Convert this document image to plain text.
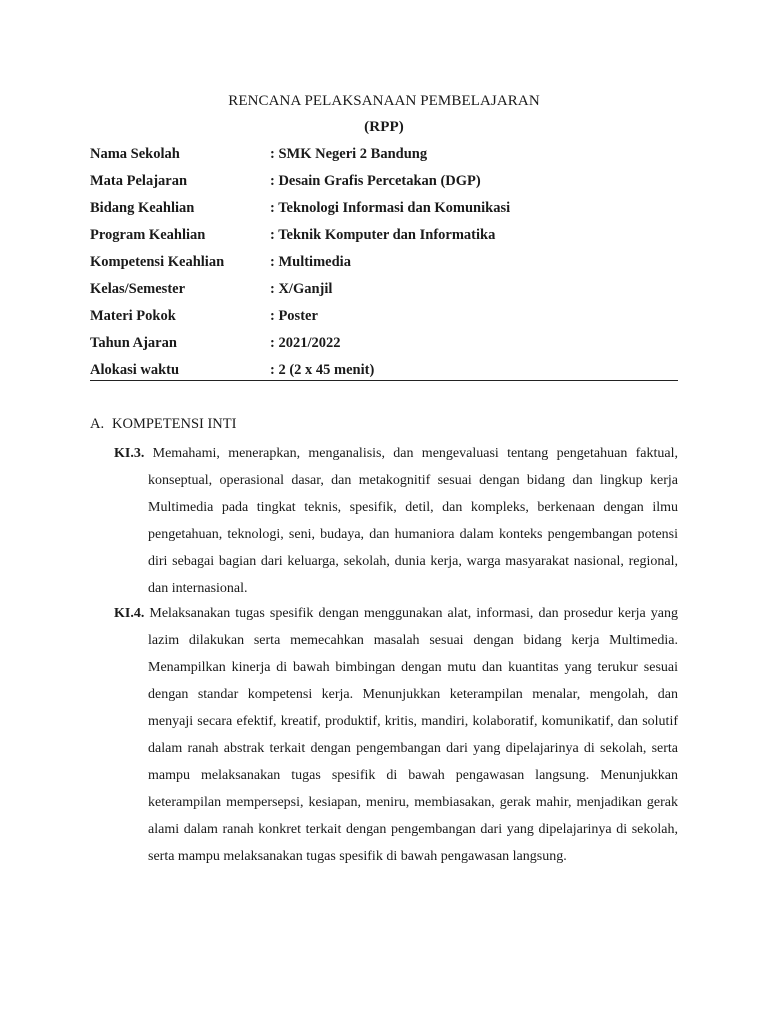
RENCANA PELAKSANAAN PEMBELAJARAN
(RPP)
Nama Sekolah	: SMK Negeri 2 Bandung
Mata Pelajaran	: Desain Grafis Percetakan (DGP)
Bidang Keahlian	: Teknologi Informasi dan Komunikasi
Program Keahlian	: Teknik Komputer dan Informatika
Kompetensi Keahlian	: Multimedia
Kelas/Semester	: X/Ganjil
Materi Pokok	: Poster
Tahun Ajaran	: 2021/2022
Alokasi waktu	: 2 (2 x 45 menit)
A. KOMPETENSI INTI
KI.3. Memahami, menerapkan, menganalisis, dan mengevaluasi tentang pengetahuan faktual, konseptual, operasional dasar, dan metakognitif sesuai dengan bidang dan lingkup kerja Multimedia pada tingkat teknis, spesifik, detil, dan kompleks, berkenaan dengan ilmu pengetahuan, teknologi, seni, budaya, dan humaniora dalam konteks pengembangan potensi diri sebagai bagian dari keluarga, sekolah, dunia kerja, warga masyarakat nasional, regional, dan internasional.
KI.4. Melaksanakan tugas spesifik dengan menggunakan alat, informasi, dan prosedur kerja yang lazim dilakukan serta memecahkan masalah sesuai dengan bidang kerja Multimedia. Menampilkan kinerja di bawah bimbingan dengan mutu dan kuantitas yang terukur sesuai dengan standar kompetensi kerja. Menunjukkan keterampilan menalar, mengolah, dan menyaji secara efektif, kreatif, produktif, kritis, mandiri, kolaboratif, komunikatif, dan solutif dalam ranah abstrak terkait dengan pengembangan dari yang dipelajarinya di sekolah, serta mampu melaksanakan tugas spesifik di bawah pengawasan langsung. Menunjukkan keterampilan mempersepsi, kesiapan, meniru, membiasakan, gerak mahir, menjadikan gerak alami dalam ranah konkret terkait dengan pengembangan dari yang dipelajarinya di sekolah, serta mampu melaksanakan tugas spesifik di bawah pengawasan langsung.
